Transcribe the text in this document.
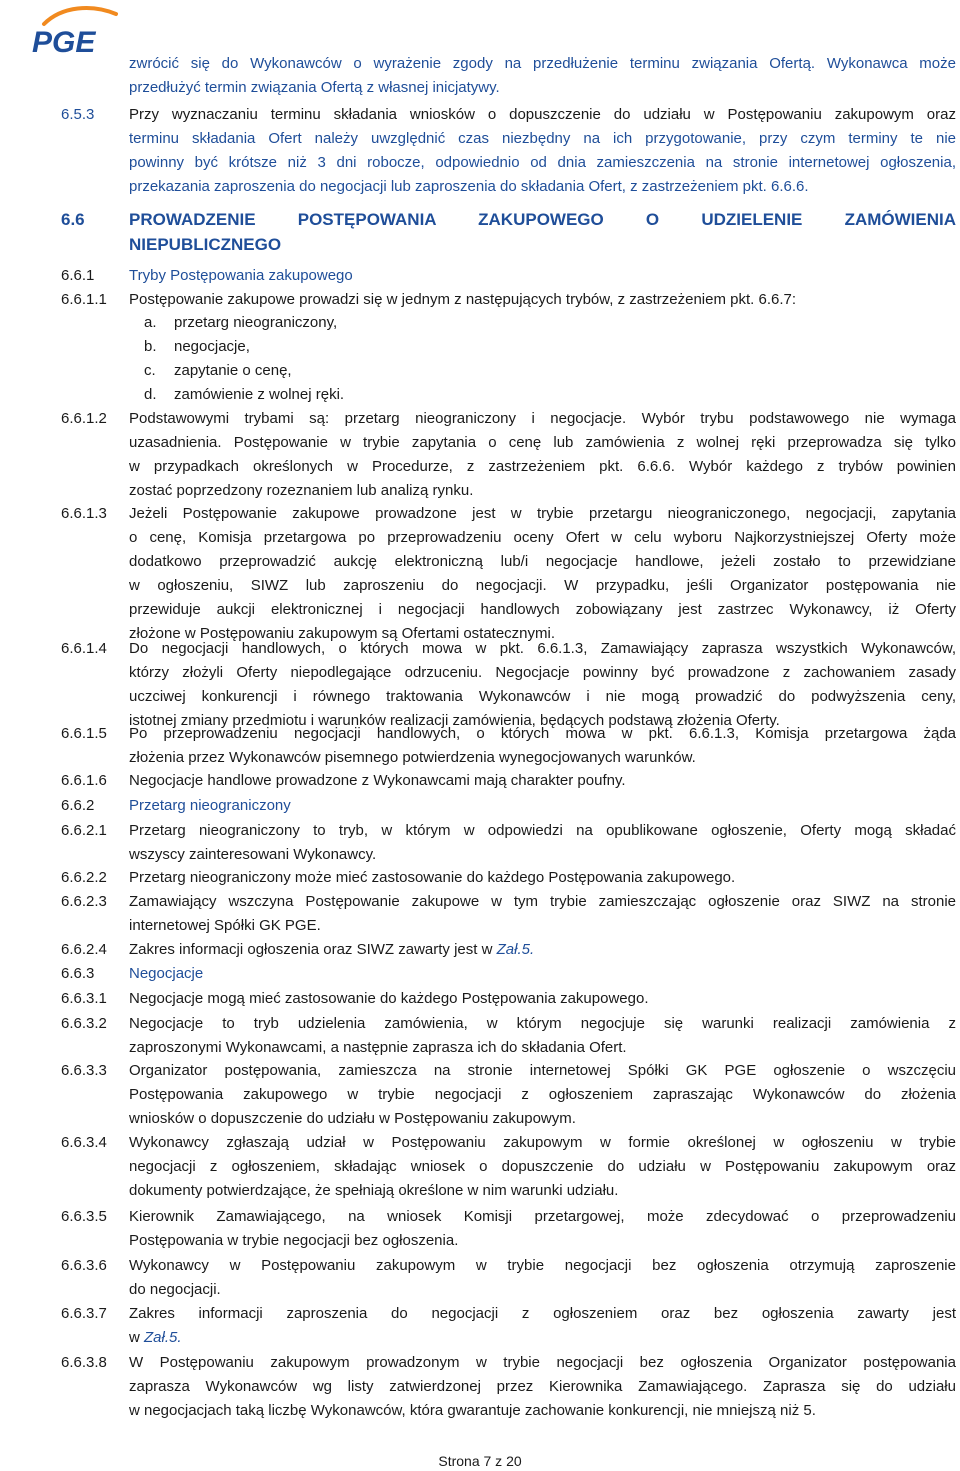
PGE
zwrócić się do Wykonawców o wyrażenie zgody na przedłużenie terminu związania Ofertą. Wykonawca może
przedłużyć termin związania Ofertą z własnej inicjatywy.
6.5.3 Przy wyznaczaniu terminu składania wniosków o dopuszczenie do udziału w Postępowaniu zakupowym oraz
terminu składania Ofert należy uwzględnić czas niezbędny na ich przygotowanie, przy czym terminy te nie
powinny być krótsze niż 3 dni robocze, odpowiednio od dnia zamieszczenia na stronie internetowej ogłoszenia,
przekazania zaproszenia do negocjacji lub zaproszenia do składania Ofert, z zastrzeżeniem pkt. 6.6.6.
6.6	PROWADZENIE POSTĘPOWANIA ZAKUPOWEGO O UDZIELENIE ZAMÓWIENIA
NIEPUBLICZNEGO
6.6.1 Tryby Postępowania zakupowego
6.6.1.1 Postępowanie zakupowe prowadzi się w jednym z następujących trybów, z zastrzeżeniem pkt. 6.6.7:
a. przetarg nieograniczony,
b. negocjacje,
c. zapytanie o cenę,
d. zamówienie z wolnej ręki.
6.6.1.2 Podstawowymi trybami są: przetarg nieograniczony i negocjacje. Wybór trybu podstawowego nie wymaga
uzasadnienia. Postępowanie w trybie zapytania o cenę lub zamówienia z wolnej ręki przeprowadza się tylko
w przypadkach określonych w Procedurze, z zastrzeżeniem pkt. 6.6.6. Wybór każdego z trybów powinien
zostać poprzedzony rozeznaniem lub analizą rynku.
6.6.1.3 Jeżeli Postępowanie zakupowe prowadzone jest w trybie przetargu nieograniczonego, negocjacji, zapytania
o cenę, Komisja przetargowa po przeprowadzeniu oceny Ofert w celu wyboru Najkorzystniejszej Oferty może
dodatkowo przeprowadzić aukcję elektroniczną lub/i negocjacje handlowe, jeżeli zostało to przewidziane
w ogłoszeniu, SIWZ lub zaproszeniu do negocjacji. W przypadku, jeśli Organizator postępowania nie
przewiduje aukcji elektronicznej i negocjacji handlowych zobowiązany jest zastrzec Wykonawcy, iż Oferty
złożone w Postępowaniu zakupowym są Ofertami ostatecznymi.
6.6.1.4 Do negocjacji handlowych, o których mowa w pkt. 6.6.1.3, Zamawiający zaprasza wszystkich Wykonawców,
którzy złożyli Oferty niepodlegające odrzuceniu. Negocjacje powinny być prowadzone z zachowaniem zasady
uczciwej konkurencji i równego traktowania Wykonawców i nie mogą prowadzić do podwyższenia ceny,
istotnej zmiany przedmiotu i warunków realizacji zamówienia, będących podstawą złożenia Oferty.
6.6.1.5 Po przeprowadzeniu negocjacji handlowych, o których mowa w pkt. 6.6.1.3, Komisja przetargowa żąda
złożenia przez Wykonawców pisemnego potwierdzenia wynegocjowanych warunków.
6.6.1.6 Negocjacje handlowe prowadzone z Wykonawcami mają charakter poufny.
6.6.2 Przetarg nieograniczony
6.6.2.1 Przetarg nieograniczony to tryb, w którym w odpowiedzi na opublikowane ogłoszenie, Oferty mogą składać
wszyscy zainteresowani Wykonawcy.
6.6.2.2 Przetarg nieograniczony może mieć zastosowanie do każdego Postępowania zakupowego.
6.6.2.3 Zamawiający wszczyna Postępowanie zakupowe w tym trybie zamieszczając ogłoszenie oraz SIWZ na stronie
internetowej Spółki GK PGE.
6.6.2.4 Zakres informacji ogłoszenia oraz SIWZ zawarty jest w Zał.5.
6.6.3 Negocjacje
6.6.3.1 Negocjacje mogą mieć zastosowanie do każdego Postępowania zakupowego.
6.6.3.2 Negocjacje to tryb udzielenia zamówienia, w którym negocjuje się warunki realizacji zamówienia z
zaproszonymi Wykonawcami, a następnie zaprasza ich do składania Ofert.
6.6.3.3 Organizator postępowania, zamieszcza na stronie internetowej Spółki GK PGE ogłoszenie o wszczęciu
Postępowania zakupowego w trybie negocjacji z ogłoszeniem zapraszając Wykonawców do złożenia
wniosków o dopuszczenie do udziału w Postępowaniu zakupowym.
6.6.3.4 Wykonawcy zgłaszają udział w Postępowaniu zakupowym w formie określonej w ogłoszeniu w trybie
negocjacji z ogłoszeniem, składając wniosek o dopuszczenie do udziału w Postępowaniu zakupowym oraz
dokumenty potwierdzające, że spełniają określone w nim warunki udziału.
6.6.3.5 Kierownik Zamawiającego, na wniosek Komisji przetargowej, może zdecydować o przeprowadzeniu
Postępowania w trybie negocjacji bez ogłoszenia.
6.6.3.6 Wykonawcy w Postępowaniu zakupowym w trybie negocjacji bez ogłoszenia otrzymują zaproszenie
do negocjacji.
6.6.3.7 Zakres informacji zaproszenia do negocjacji z ogłoszeniem oraz bez ogłoszenia zawarty jest
w Zał.5.
6.6.3.8 W Postępowaniu zakupowym prowadzonym w trybie negocjacji bez ogłoszenia Organizator postępowania
zaprasza Wykonawców wg listy zatwierdzonej przez Kierownika Zamawiającego. Zaprasza się do udziału
w negocjacjach taką liczbę Wykonawców, która gwarantuje zachowanie konkurencji, nie mniejszą niż 5.
Strona 7 z 20
